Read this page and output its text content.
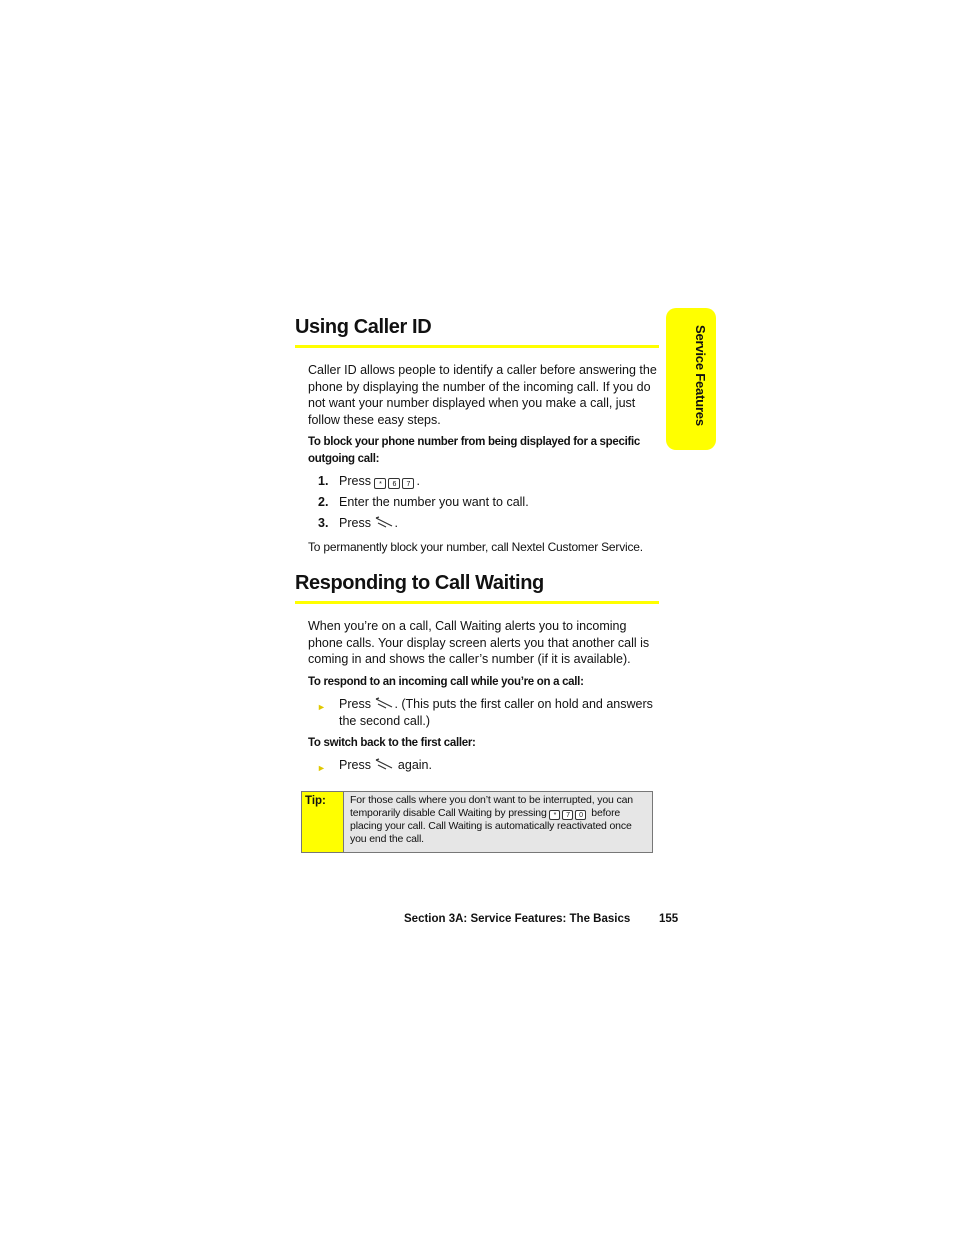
Service Features
Using Caller ID

Caller ID allows people to identify a caller before answering the phone by displaying the number of the incoming call. If you do not want your number displayed when you make a call, just follow these easy steps.

To block your phone number from being displayed for a specific outgoing call:

1. Press * 6 7 .
2. Enter the number you want to call.
3. Press .

To permanently block your number, call Nextel Customer Service.

Responding to Call Waiting

When you’re on a call, Call Waiting alerts you to incoming phone calls. Your display screen alerts you that another call is coming in and shows the caller’s number (if it is available).

To respond to an incoming call while you’re on a call:

►	Press . (This puts the first caller on hold and answers the second call.)

To switch back to the first caller:

►	Press  again.
Tip:	For those calls where you don’t want to be interrupted, you can temporarily disable Call Waiting by pressing * 7 0 before placing your call. Call Waiting is automatically reactivated once you end the call.
Section 3A: Service Features: The Basics 155
